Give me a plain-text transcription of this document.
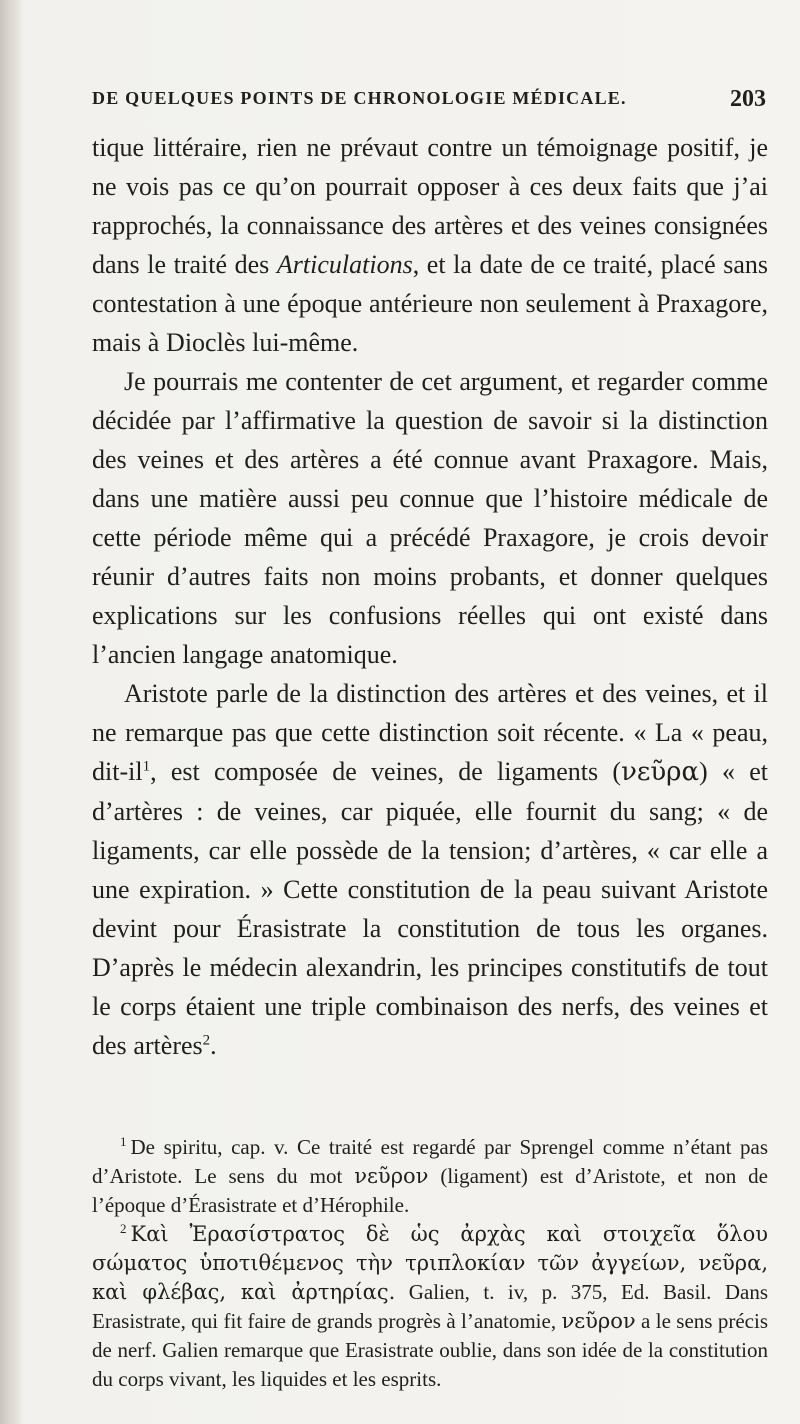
DE QUELQUES POINTS DE CHRONOLOGIE MÉDICALE.	203

tique littéraire, rien ne prévaut contre un témoignage positif, je ne vois pas ce qu’on pourrait opposer à ces deux faits que j’ai rapprochés, la connaissance des artères et des veines consignées dans le traité des Articulations, et la date de ce traité, placé sans contestation à une époque antérieure non seulement à Praxagore, mais à Dioclès lui-même.

Je pourrais me contenter de cet argument, et regarder comme décidée par l’affirmative la question de savoir si la distinction des veines et des artères a été connue avant Praxagore. Mais, dans une matière aussi peu connue que l’histoire médicale de cette période même qui a précédé Praxagore, je crois devoir réunir d’autres faits non moins probants, et donner quelques explications sur les confusions réelles qui ont existé dans l’ancien langage anatomique.

Aristote parle de la distinction des artères et des veines, et il ne remarque pas que cette distinction soit récente. « La « peau, dit-$il^1$, est composée de veines, de ligaments (νεῦρα) « et d’artères : de veines, car piquée, elle fournit du sang; « de ligaments, car elle possède de la tension; d’artères, « car elle a une expiration. » Cette constitution de la peau suivant Aristote devint pour Érasistrate la constitution de tous les organes. D’après le médecin alexandrin, les principes constitutifs de tout le corps étaient une triple combinaison des nerfs, des veines et des artères$^2$.

$^1$ De spiritu, cap. v. Ce traité est regardé par Sprengel comme n’étant pas d’Aristote. Le sens du mot νεῦρον (ligament) est d’Aristote, et non de l’époque d’Érasistrate et d’Hérophile.

$^2$ Καὶ Ἐρασίστρατος δὲ ὡς ἀρχὰς καὶ στοιχεῖα ὅλου σώματος ὑποτιθέμενος τὴν τριπλοκίαν τῶν ἀγγείων, νεῦρα, καὶ φλέβας, καὶ ἀρτηρίας. Galien, t. iv, p. 375, Ed. Basil. Dans Erasistrate, qui fit faire de grands progrès à l’anatomie, νεῦρον a le sens précis de nerf. Galien remarque que Erasistrate oublie, dans son idée de la constitution du corps vivant, les liquides et les esprits.
